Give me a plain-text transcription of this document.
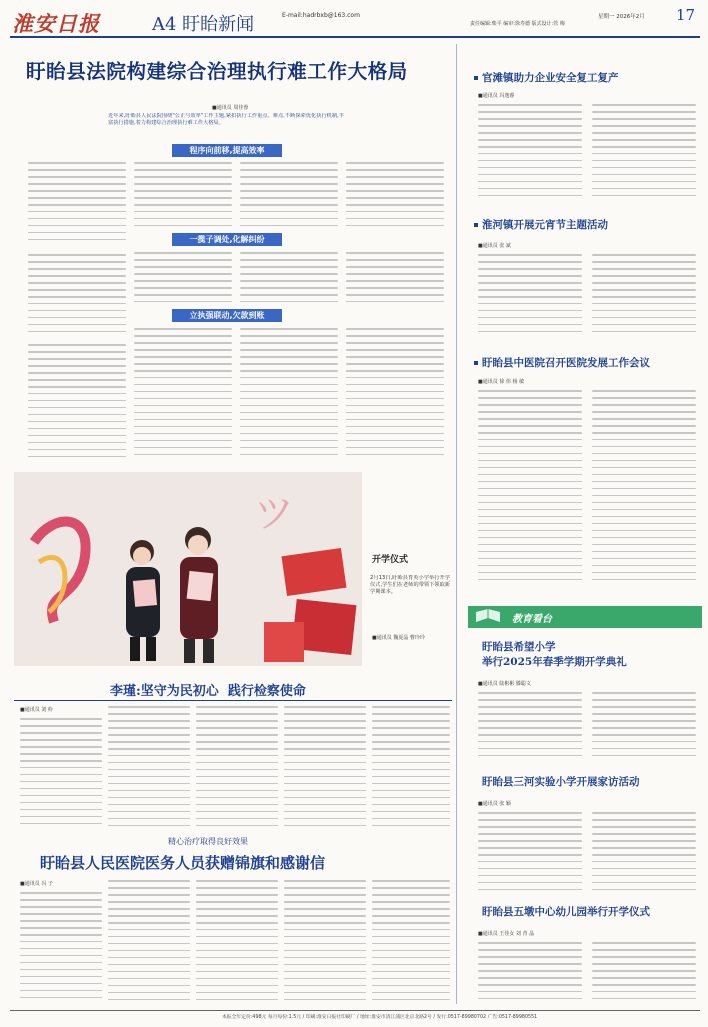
淮安日报	A4 盱眙新闻	E-mail:hadrbxb@163.com
责任编辑:柴平 编审:徐寿德 版式设计:管 梅
星期一 2026年2月 17
盱眙县法院构建综合治理执行难工作大格局
■通讯员 周佳蓉
近年来,盱眙县人民法院围绕"公正与效率"工作主题,紧扣执行工作重点、难点,不断探索优化执行机制,丰富执行措施,着力构建综合治理执行难工作大格局。
程序向前移,提高效率
一揽子调处,化解纠纷
立执强联动,欠款到账
ツ
开学仪式
2月13日,盱眙县育英小学举行开学仪式,学生们在老师的带领下领取新学期课本。
■通讯员 魏夏晶 曹玲玲
李瑾:坚守为民初心  践行检察使命
■通讯员 刘 柃
精心治疗取得良好效果
盱眙县人民医院医务人员获赠锦旗和感谢信
■通讯员 冯 子
官滩镇助力企业安全复工复产
■通讯员 冯逸睿
淮河镇开展元宵节主题活动
■通讯员 张 斌
盱眙县中医院召开医院发展工作会议
■通讯员 徐 伟 杨 敏
教育看台
盱眙县希望小学
举行2025年春季学期开学典礼
■通讯员 陆彬彬 滕聪文
盱眙县三河实验小学开展家访活动
■通讯员 张 颖
盱眙县五墩中心幼儿园举行开学仪式
■通讯员 王佳女 刘 青 晶
本报全年定价:498元 每月每份:1.5元 / 印刷:淮安日报社印刷厂 / 地址:淮安市清江浦区北京北路2号 / 发行:0517-89980702 广告:0517-89980551
